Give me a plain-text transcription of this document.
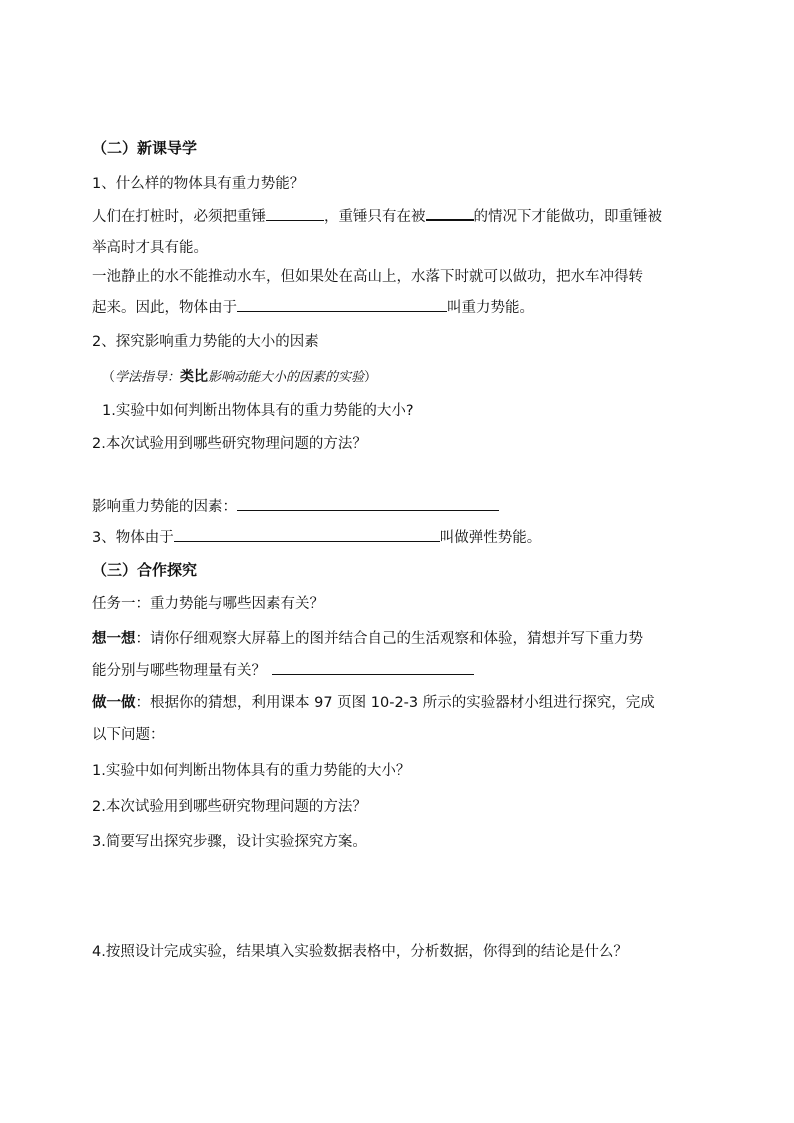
（二）新课导学
1、什么样的物体具有重力势能？
人们在打桩时，必须把重锤	，重锤只有在被	的情况下才能做功，即重锤被
举高时才具有能。
一池静止的水不能推动水车，但如果处在高山上，水落下时就可以做功，把水车冲得转
起来。因此，物体由于	叫重力势能。
2、探究影响重力势能的大小的因素
（学法指导：类比影响动能大小的因素的实验）
1.实验中如何判断出物体具有的重力势能的大小?
2.本次试验用到哪些研究物理问题的方法？
影响重力势能的因素：
3、物体由于	叫做弹性势能。
（三）合作探究
任务一：重力势能与哪些因素有关？
想一想：请你仔细观察大屏幕上的图并结合自己的生活观察和体验，猜想并写下重力势
能分别与哪些物理量有关？
做一做：根据你的猜想，利用课本 97 页图 10-2-3 所示的实验器材小组进行探究，完成
以下问题：
1.实验中如何判断出物体具有的重力势能的大小？
2.本次试验用到哪些研究物理问题的方法？
3.简要写出探究步骤，设计实验探究方案。
4.按照设计完成实验，结果填入实验数据表格中，分析数据，你得到的结论是什么？
